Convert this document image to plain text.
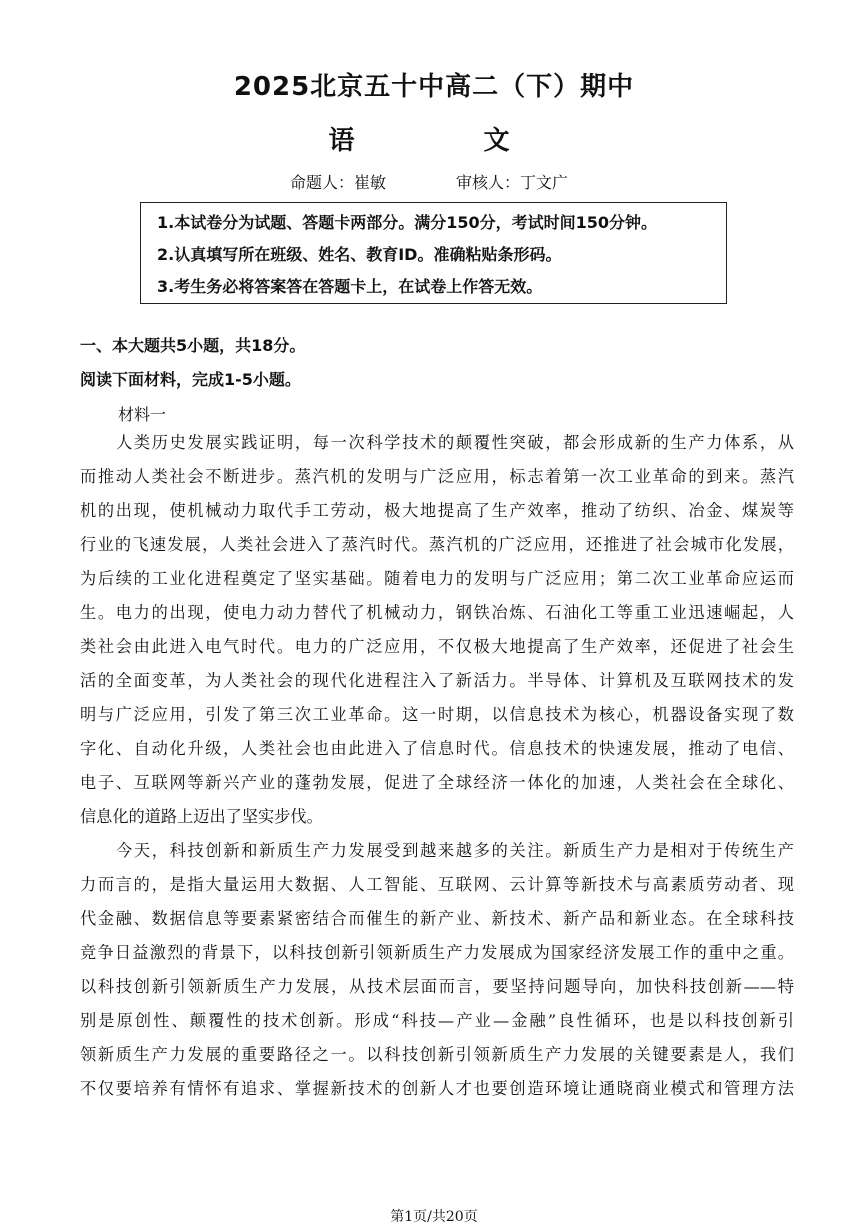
2025北京五十中高二（下）期中
语 文
命题人：崔敏	审核人：丁文广
1.本试卷分为试题、答题卡两部分。满分150分，考试时间150分钟。
2.认真填写所在班级、姓名、教育ID。准确粘贴条形码。
3.考生务必将答案答在答题卡上，在试卷上作答无效。
一、本大题共5小题，共18分。
阅读下面材料，完成1-5小题。
材料一
人类历史发展实践证明，每一次科学技术的颠覆性突破，都会形成新的生产力体系，从
而推动人类社会不断进步。蒸汽机的发明与广泛应用，标志着第一次工业革命的到来。蒸汽
机的出现，使机械动力取代手工劳动，极大地提高了生产效率，推动了纺织、冶金、煤炭等
行业的飞速发展，人类社会进入了蒸汽时代。蒸汽机的广泛应用，还推进了社会城市化发展，
为后续的工业化进程奠定了坚实基础。随着电力的发明与广泛应用；第二次工业革命应运而
生。电力的出现，使电力动力替代了机械动力，钢铁冶炼、石油化工等重工业迅速崛起，人
类社会由此进入电气时代。电力的广泛应用，不仅极大地提高了生产效率，还促进了社会生
活的全面变革，为人类社会的现代化进程注入了新活力。半导体、计算机及互联网技术的发
明与广泛应用，引发了第三次工业革命。这一时期，以信息技术为核心，机器设备实现了数
字化、自动化升级，人类社会也由此进入了信息时代。信息技术的快速发展，推动了电信、
电子、互联网等新兴产业的蓬勃发展，促进了全球经济一体化的加速，人类社会在全球化、
信息化的道路上迈出了坚实步伐。
今天，科技创新和新质生产力发展受到越来越多的关注。新质生产力是相对于传统生产
力而言的，是指大量运用大数据、人工智能、互联网、云计算等新技术与高素质劳动者、现
代金融、数据信息等要素紧密结合而催生的新产业、新技术、新产品和新业态。在全球科技
竞争日益激烈的背景下，以科技创新引领新质生产力发展成为国家经济发展工作的重中之重。
以科技创新引领新质生产力发展，从技术层面而言，要坚持问题导向，加快科技创新——特
别是原创性、颠覆性的技术创新。形成“科技—产业—金融”良性循环，也是以科技创新引
领新质生产力发展的重要路径之一。以科技创新引领新质生产力发展的关键要素是人，我们
不仅要培养有情怀有追求、掌握新技术的创新人才也要创造环境让通晓商业模式和管理方法
第1页/共20页
